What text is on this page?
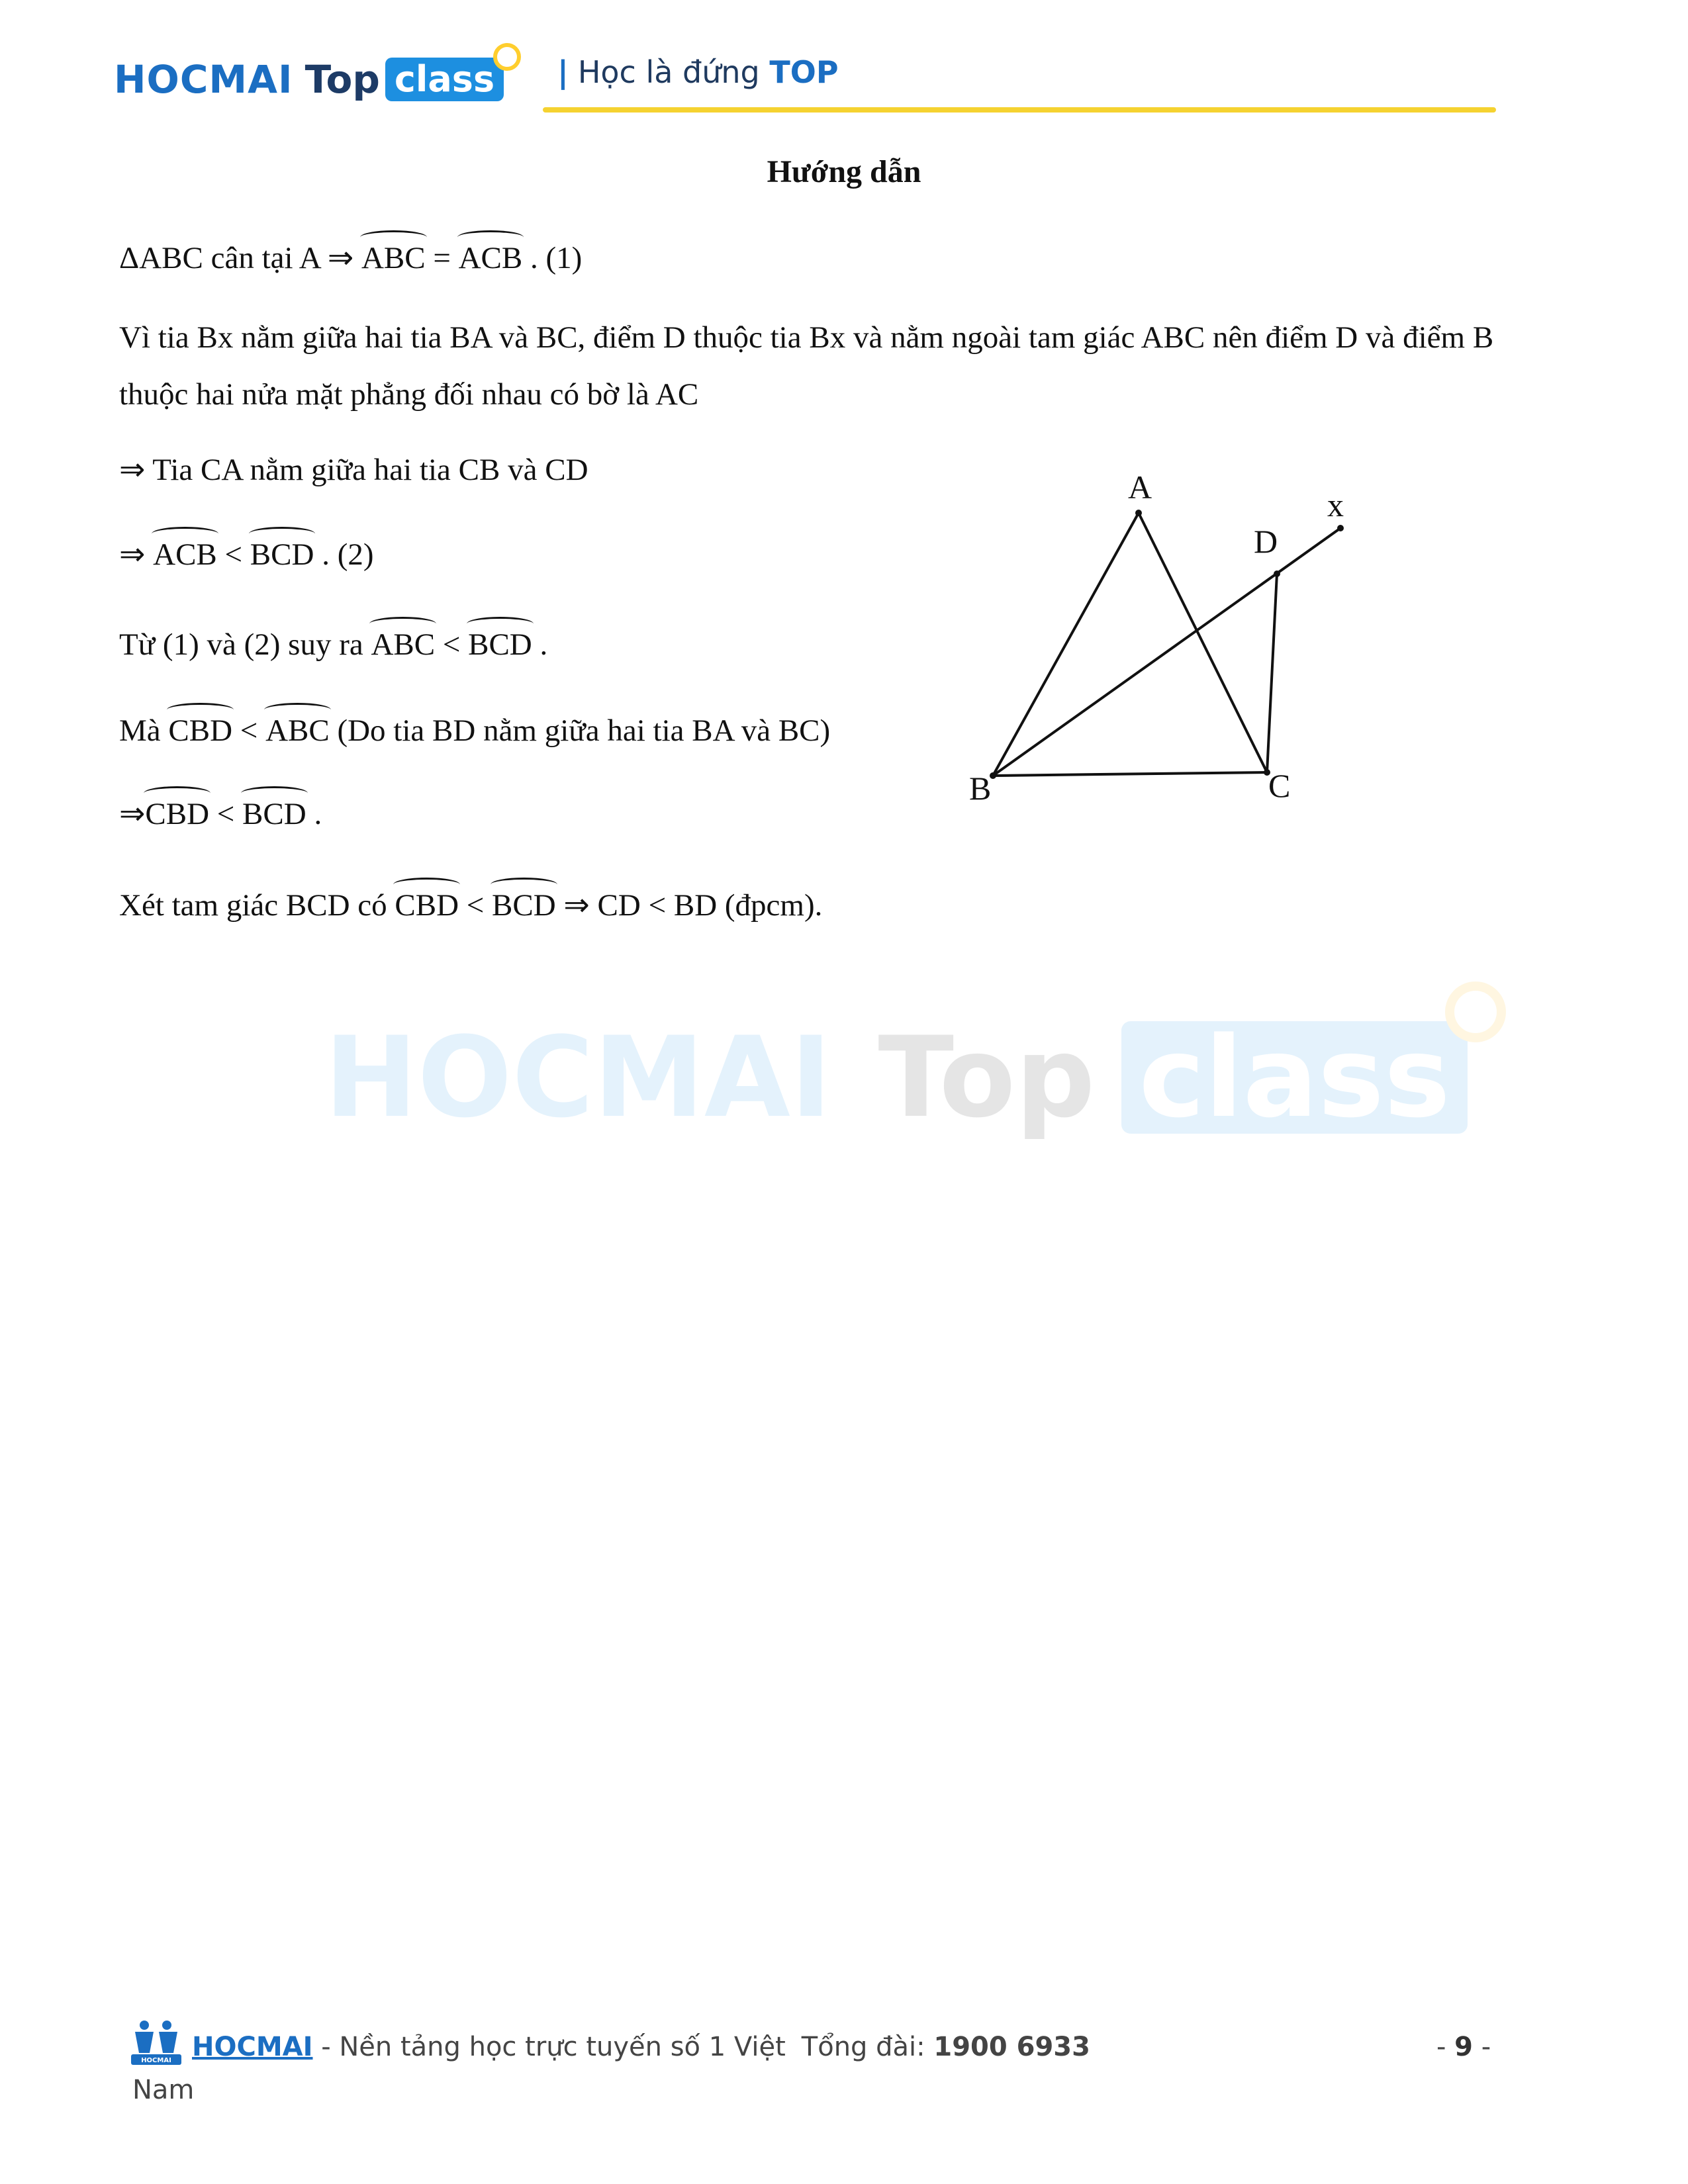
HOCMAI Top class	| Học là đứng TOP
HOCMAI Top class
Hướng dẫn
ΔABC cân tại A ⇒ ABC = ACB . (1)
Vì tia Bx nằm giữa hai tia BA và BC, điểm D thuộc tia Bx và nằm ngoài tam giác ABC nên điểm D và điểm B
thuộc hai nửa mặt phẳng đối nhau có bờ là AC
⇒ Tia CA nằm giữa hai tia CB và CD
⇒ ACB < BCD . (2)
Từ (1) và (2) suy ra ABC < BCD .
Mà CBD < ABC (Do tia BD nằm giữa hai tia BA và BC)
⇒CBD < BCD .
Xét tam giác BCD có CBD < BCD ⇒ CD < BD (đpcm).
A
B	C
D
x
HOCMAI HOCMAI - Nền tảng học trực tuyến số 1 Việt Tổng đài: 1900 6933
Nam
- 9 -
